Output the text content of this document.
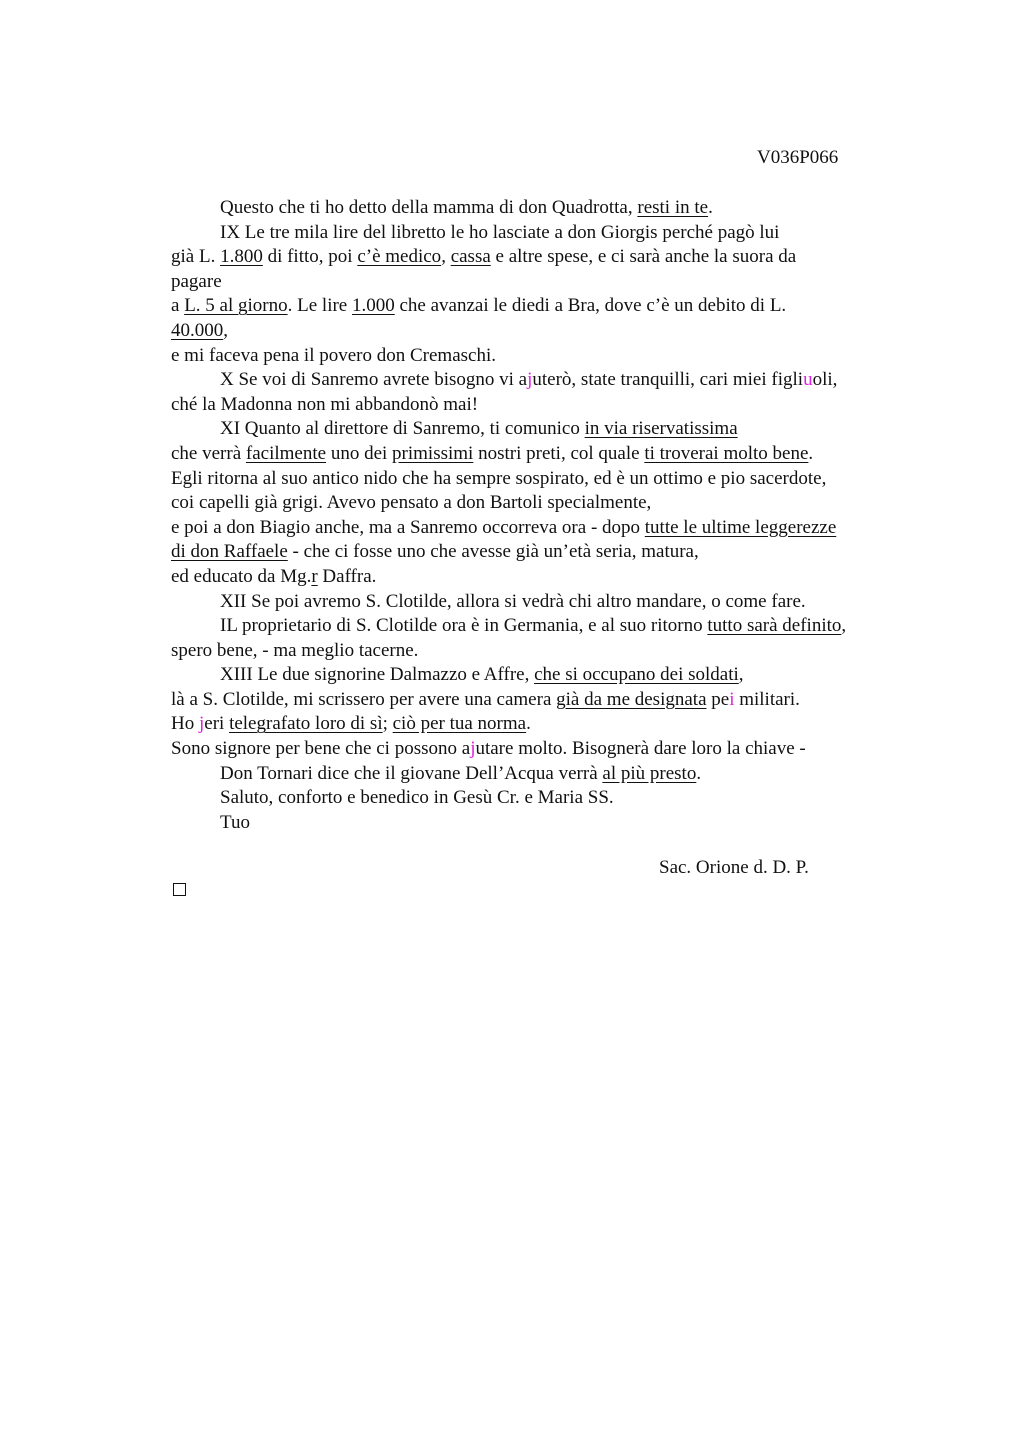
V036P066
Questo che ti ho detto della mamma di don Quadrotta, resti in te.
IX Le tre mila lire del libretto le ho lasciate a don Giorgis perché pagò lui
già L. 1.800 di fitto, poi c’è medico, cassa e altre spese, e ci sarà anche la suora da
pagare
a L. 5 al giorno. Le lire 1.000 che avanzai le diedi a Bra, dove c’è un debito di L.
40.000,
e mi faceva pena il povero don Cremaschi.
X Se voi di Sanremo avrete bisogno vi ajuterò, state tranquilli, cari miei figliuoli,
ché la Madonna non mi abbandonò mai!
XI Quanto al direttore di Sanremo, ti comunico in via riservatissima
che verrà facilmente uno dei primissimi nostri preti, col quale ti troverai molto bene.
Egli ritorna al suo antico nido che ha sempre sospirato, ed è un ottimo e pio sacerdote,
coi capelli già grigi. Avevo pensato a don Bartoli specialmente,
e poi a don Biagio anche, ma a Sanremo occorreva ora - dopo tutte le ultime leggerezze
di don Raffaele - che ci fosse uno che avesse già un’età seria, matura,
ed educato da Mg.r Daffra.
XII Se poi avremo S. Clotilde, allora si vedrà chi altro mandare, o come fare.
IL proprietario di S. Clotilde ora è in Germania, e al suo ritorno tutto sarà definito,
spero bene, - ma meglio tacerne.
XIII Le due signorine Dalmazzo e Affre, che si occupano dei soldati,
là a S. Clotilde, mi scrissero per avere una camera già da me designata pei militari.
Ho jeri telegrafato loro di sì; ciò per tua norma.
Sono signore per bene che ci possono ajutare molto. Bisognerà dare loro la chiave -
Don Tornari dice che il giovane Dell’Acqua verrà al più presto.
Saluto, conforto e benedico in Gesù Cr. e Maria SS.
Tuo
Sac. Orione d. D. P.
